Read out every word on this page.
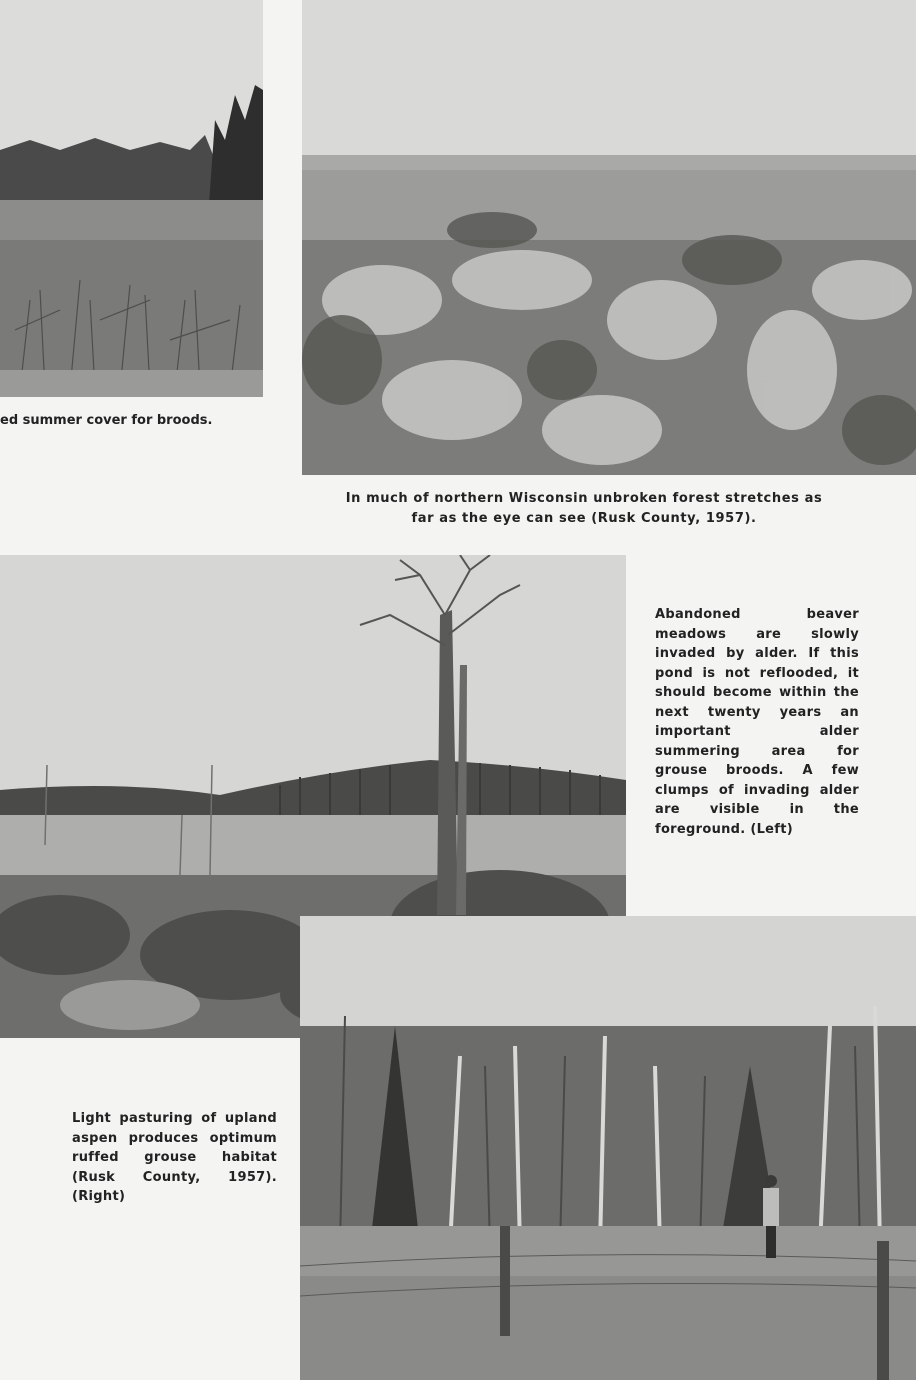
ed summer cover for broods.

In much of northern Wisconsin unbroken forest stretches as far as the eye can see (Rusk County, 1957).

Abandoned beaver meadows are slowly invaded by alder. If this pond is not reflooded, it should become within the next twenty years an important alder summering area for grouse broods. A few clumps of invading alder are visible in the foreground. (Left)

Light pasturing of upland aspen produces optimum ruffed grouse habitat (Rusk County, 1957). (Right)
